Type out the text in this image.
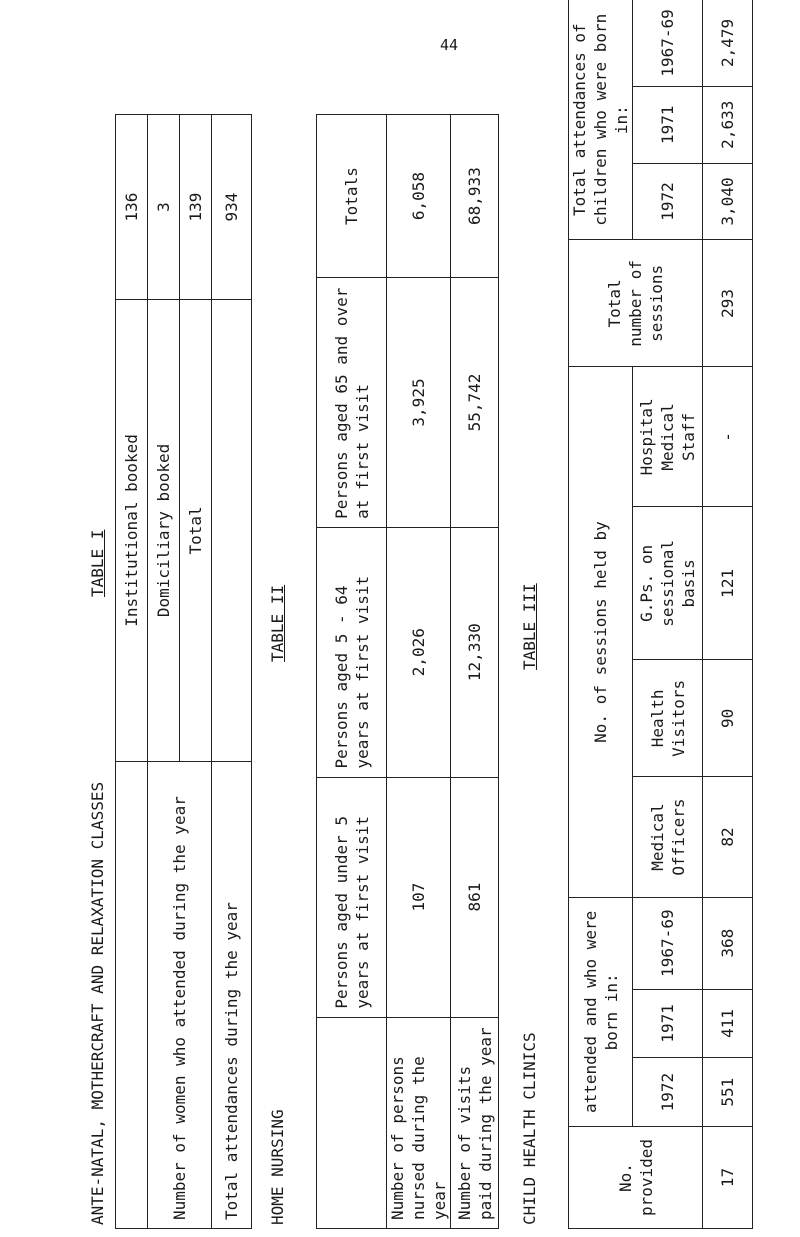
44
ANTE-NATAL, MOTHERCRAFT AND RELAXATION CLASSES
TABLE I
	Institutional booked	136
Number of women who attended during the year	Domiciliary booked	3
	Total	139
Total attendances during the year		934
HOME NURSING
TABLE II
	Persons aged under 5 years at first visit	Persons aged 5 - 64 years at first visit	Persons aged 65 and over at first visit	Totals
Number of persons nursed during the year	107	2,026	3,925	6,058
Number of visits paid during the year	861	12,330	55,742	68,933
CHILD HEALTH CLINICS
TABLE III
No. provided	attended and who were born in:			No. of sessions held by				Total number of sessions	Total attendances of children who were born in:		
	1972	1971	1967-69	Medical Officers	Health Visitors	G.Ps. on sessional basis	Hospital Medical Staff		1972	1971	1967-69
17	551	411	368	82	90	121	-	293	3,040	2,633	2,479
